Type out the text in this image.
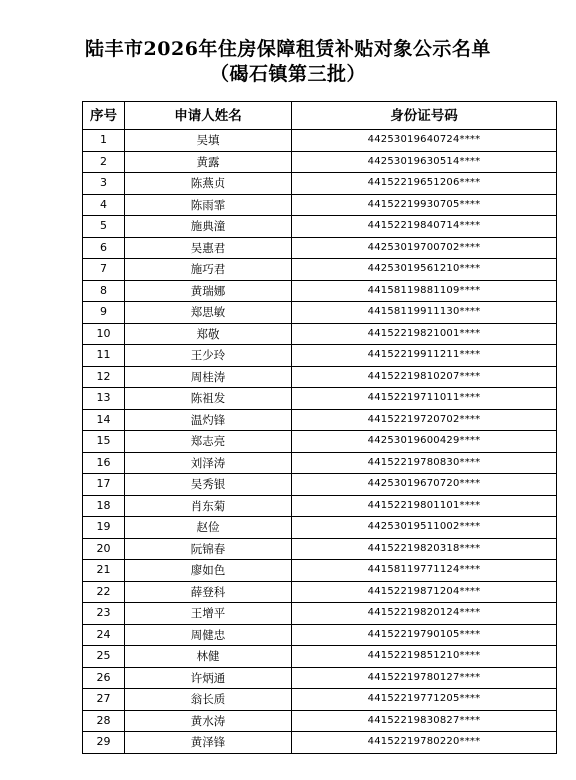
陆丰市2026年住房保障租赁补贴对象公示名单
（碣石镇第三批）
序号	申请人姓名	身份证号码
1	吴填	44253019640724****
2	黄露	44253019630514****
3	陈燕贞	44152219651206****
4	陈雨霏	44152219930705****
5	施典潼	44152219840714****
6	吴惠君	44253019700702****
7	施巧君	44253019561210****
8	黄瑞娜	44158119881109****
9	郑思敏	44158119911130****
10	郑敬	44152219821001****
11	王少玲	44152219911211****
12	周桂涛	44152219810207****
13	陈祖发	44152219711011****
14	温灼锋	44152219720702****
15	郑志亮	44253019600429****
16	刘泽涛	44152219780830****
17	吴秀银	44253019670720****
18	肖东菊	44152219801101****
19	赵俭	44253019511002****
20	阮锦春	44152219820318****
21	廖如色	44158119771124****
22	薛登科	44152219871204****
23	王增平	44152219820124****
24	周健忠	44152219790105****
25	林健	44152219851210****
26	许炳通	44152219780127****
27	翁长质	44152219771205****
28	黄水涛	44152219830827****
29	黄泽锋	44152219780220****
